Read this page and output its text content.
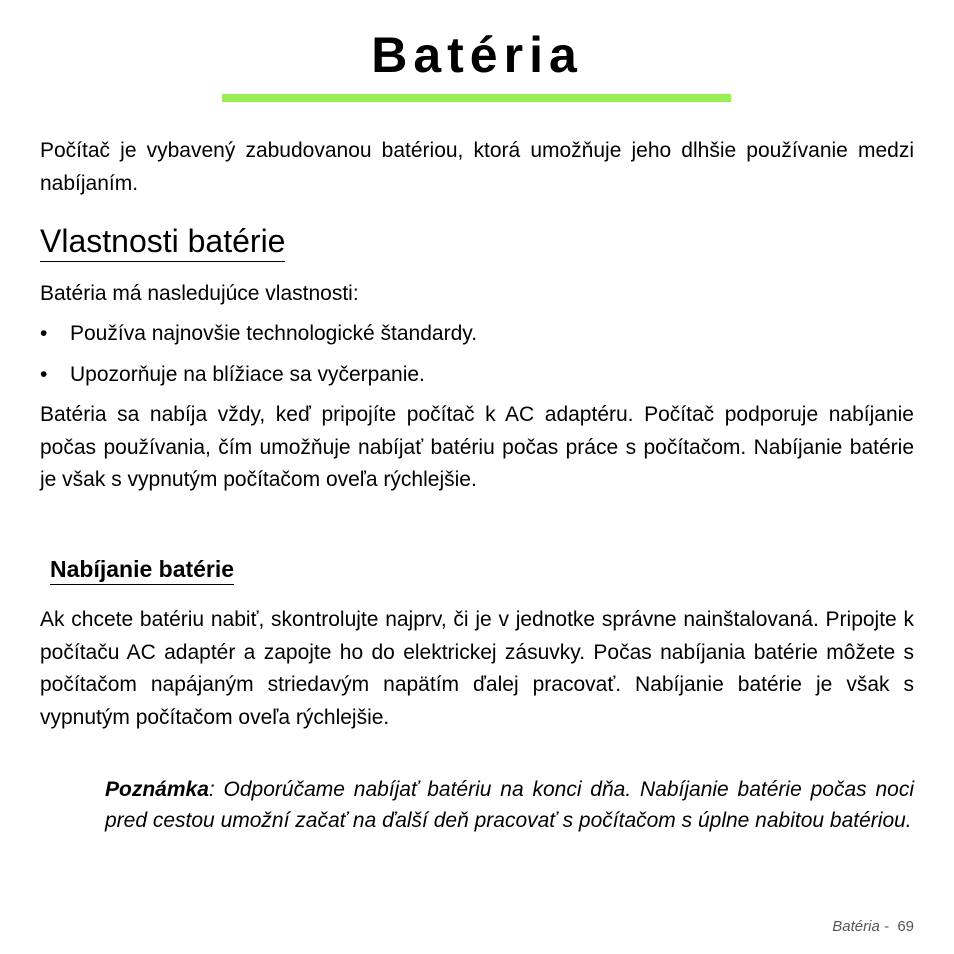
Batéria

Počítač je vybavený zabudovanou batériou, ktorá umožňuje jeho dlhšie používanie medzi nabíjaním.

Vlastnosti batérie

Batéria má nasledujúce vlastnosti:

•	Používa najnovšie technologické štandardy.
•	Upozorňuje na blížiace sa vyčerpanie.

Batéria sa nabíja vždy, keď pripojíte počítač k AC adaptéru. Počítač podporuje nabíjanie počas používania, čím umožňuje nabíjať batériu počas práce s počítačom. Nabíjanie batérie je však s vypnutým počítačom oveľa rýchlejšie.

Nabíjanie batérie

Ak chcete batériu nabiť, skontrolujte najprv, či je v jednotke správne nainštalovaná. Pripojte k počítaču AC adaptér a zapojte ho do elektrickej zásuvky. Počas nabíjania batérie môžete s počítačom napájaným striedavým napätím ďalej pracovať. Nabíjanie batérie je však s vypnutým počítačom oveľa rýchlejšie.

Poznámka: Odporúčame nabíjať batériu na konci dňa. Nabíjanie batérie počas noci pred cestou umožní začať na ďalší deň pracovať s počítačom s úplne nabitou batériou.

Batéria - 69
